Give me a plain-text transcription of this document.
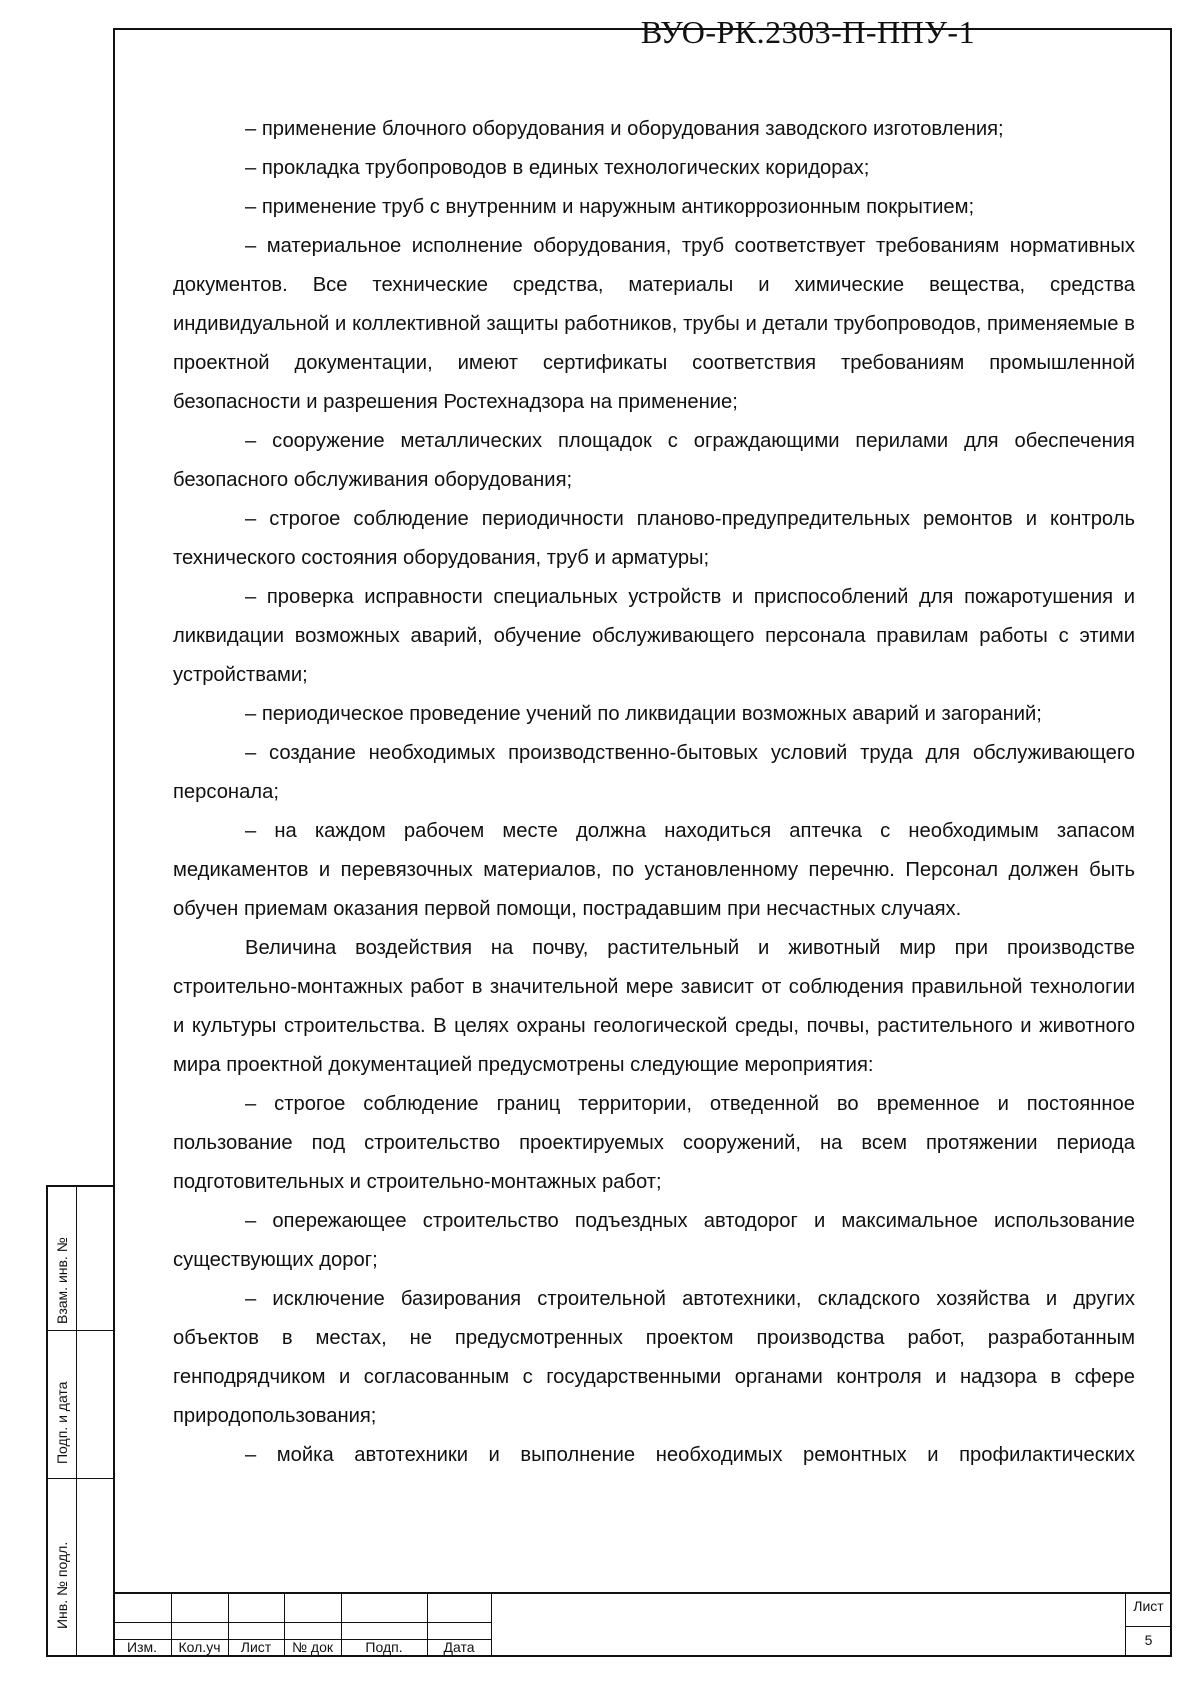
Взам. инв. №
Подп. и дата
Инв. № подл.

– применение блочного оборудования и оборудования заводского изготовления;

– прокладка трубопроводов в единых технологических коридорах;

– применение труб с внутренним и наружным антикоррозионным покрытием;

– материальное исполнение оборудования, труб соответствует требованиям нормативных документов. Все технические средства, материалы и химические вещества, средства индивидуальной и коллективной защиты работников, трубы и детали трубопроводов, применяемые в проектной документации, имеют сертификаты соответствия требованиям промышленной безопасности и разрешения Ростехнадзора на применение;

– сооружение металлических площадок с ограждающими перилами для обеспечения безопасного обслуживания оборудования;

– строгое соблюдение периодичности планово-предупредительных ремонтов и контроль технического состояния оборудования, труб и арматуры;

– проверка исправности специальных устройств и приспособлений для пожаротушения и ликвидации возможных аварий, обучение обслуживающего персонала правилам работы с этими устройствами;

– периодическое проведение учений по ликвидации возможных аварий и загораний;

– создание необходимых производственно-бытовых условий труда для обслуживающего персонала;

– на каждом рабочем месте должна находиться аптечка с необходимым запасом медикаментов и перевязочных материалов, по установленному перечню. Персонал должен быть обучен приемам оказания первой помощи, пострадавшим при несчастных случаях.

Величина воздействия на почву, растительный и животный мир при производстве строительно-монтажных работ в значительной мере зависит от соблюдения правильной технологии и культуры строительства. В целях охраны геологической среды, почвы, растительного и животного мира проектной документацией предусмотрены следующие мероприятия:

– строгое соблюдение границ территории, отведенной во временное и постоянное пользование под строительство проектируемых сооружений, на всем протяжении периода подготовительных и строительно-монтажных работ;

– опережающее строительство подъездных автодорог и максимальное использование существующих дорог;

– исключение базирования строительной автотехники, складского хозяйства и других объектов в местах, не предусмотренных проектом производства работ, разработанным генподрядчиком и согласованным с государственными органами контроля и надзора в сфере природопользования;

– мойка автотехники и выполнение необходимых ремонтных и профилактических

Изм.	Кол.уч	Лист	№ док	Подп.	Дата
ВУО-РК.2303-П-ППУ-1
Лист
5
